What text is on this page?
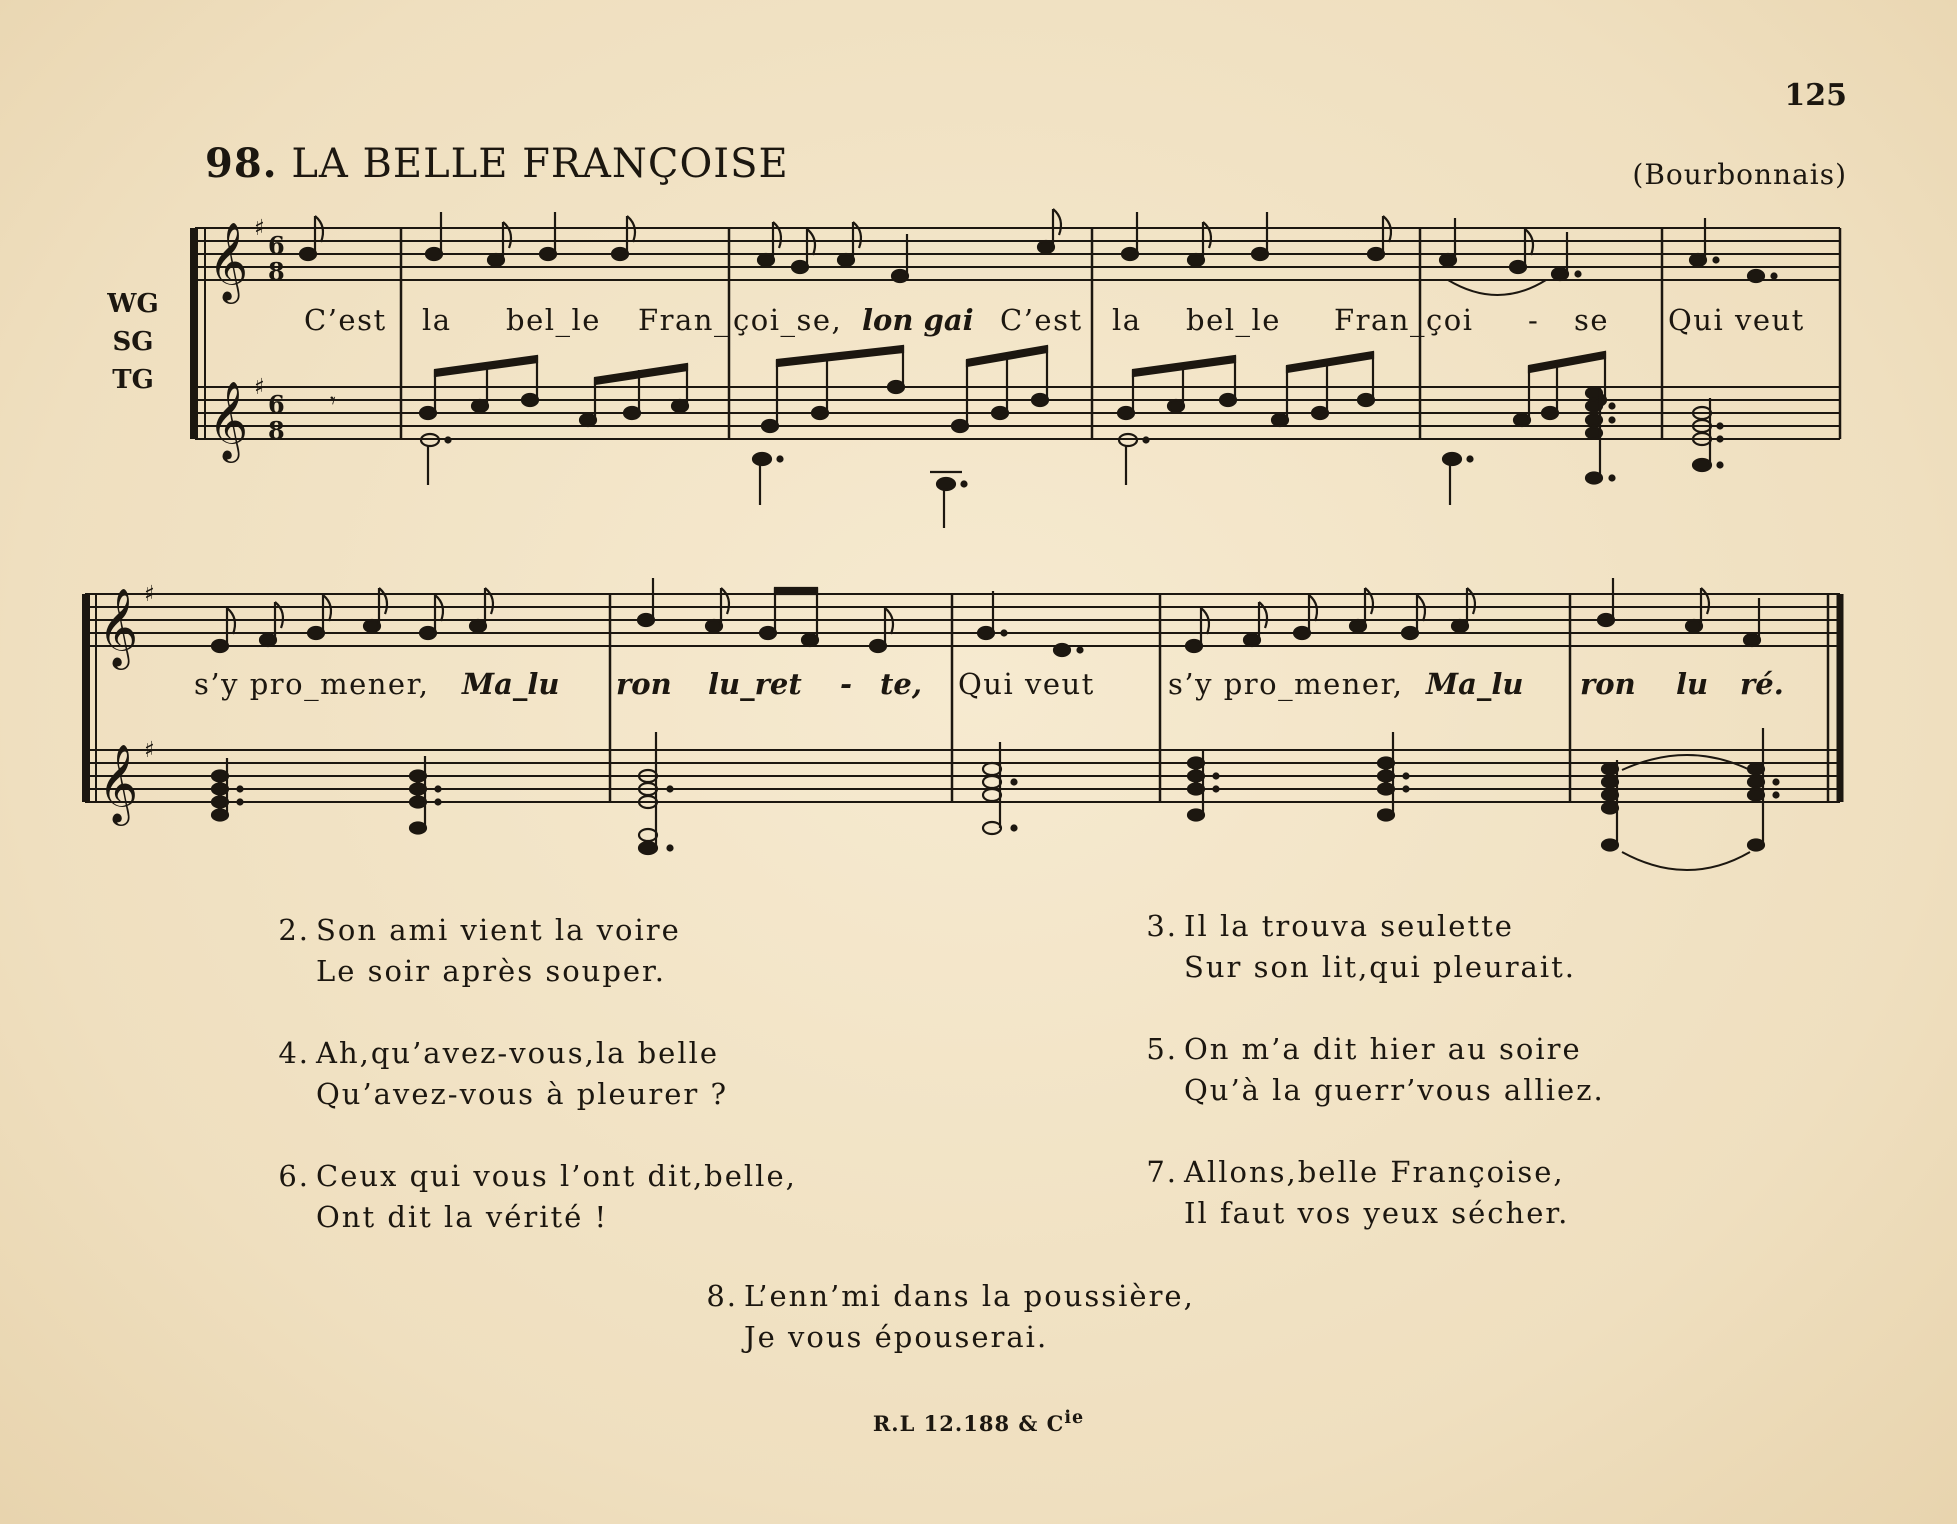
125
98. LA BELLE FRANÇOISE	(Bourbonnais)
WG
SG
TG
𝄞
𝄞
𝄞
𝄞
♯
♯
♯
♯
6
8
6
8
𝄾
C’est la bel_le Fran_ çoi_se, lon gai C’est la bel_le Fran_ çoi - se Qui veut
s’y pro_mener, Ma_lu ron lu_ret - te, Qui veut	s’y pro_mener, Ma_lu ron lu ré.
2. Son ami vient la voire
Le soir après souper.
3. Il la trouva seulette
Sur son lit,qui pleurait.
4. Ah,qu’avez-vous,la belle
Qu’avez-vous à pleurer ?
5. On m’a dit hier au soire
Qu’à la guerr’vous alliez.
6. Ceux qui vous l’ont dit,belle,
Ont dit la vérité !
7. Allons,belle Françoise,
Il faut vos yeux sécher.
8. L’enn’mi dans la poussière,
Je vous épouserai.
R.L 12.188 & $C^{ie}$
